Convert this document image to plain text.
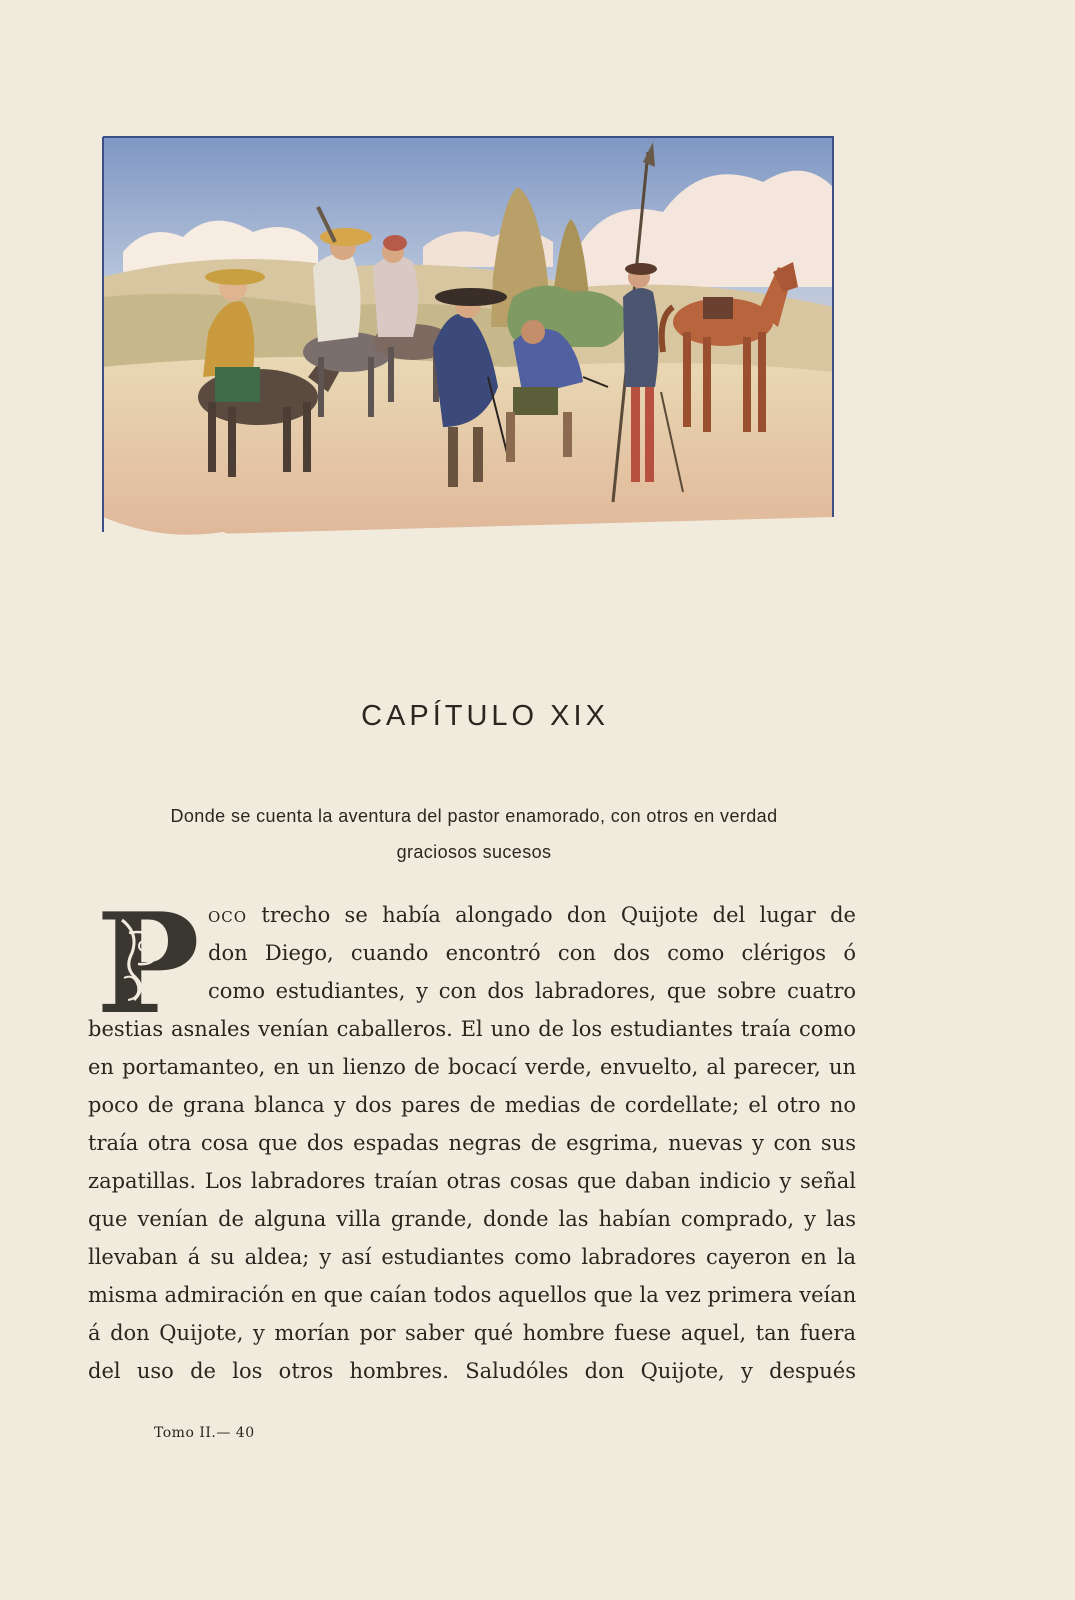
CAPÍTULO XIX
Donde se cuenta la aventura del pastor enamorado, con otros en verdad
graciosos sucesos
P OCO trecho se había alongado don Quijote del lugar de
don Diego, cuando encontró con dos como clérigos ó
como estudiantes, y con dos labradores, que sobre cuatro
bestias asnales venían caballeros. El uno de los estudiantes traía como
en portamanteo, en un lienzo de bocací verde, envuelto, al parecer, un
poco de grana blanca y dos pares de medias de cordellate; el otro no
traía otra cosa que dos espadas negras de esgrima, nuevas y con sus
zapatillas. Los labradores traían otras cosas que daban indicio y señal
que venían de alguna villa grande, donde las habían comprado, y las
llevaban á su aldea; y así estudiantes como labradores cayeron en la
misma admiración en que caían todos aquellos que la vez primera veían
á don Quijote, y morían por saber qué hombre fuese aquel, tan fuera
del uso de los otros hombres. Saludóles don Quijote, y después
Tomo II.— 40
